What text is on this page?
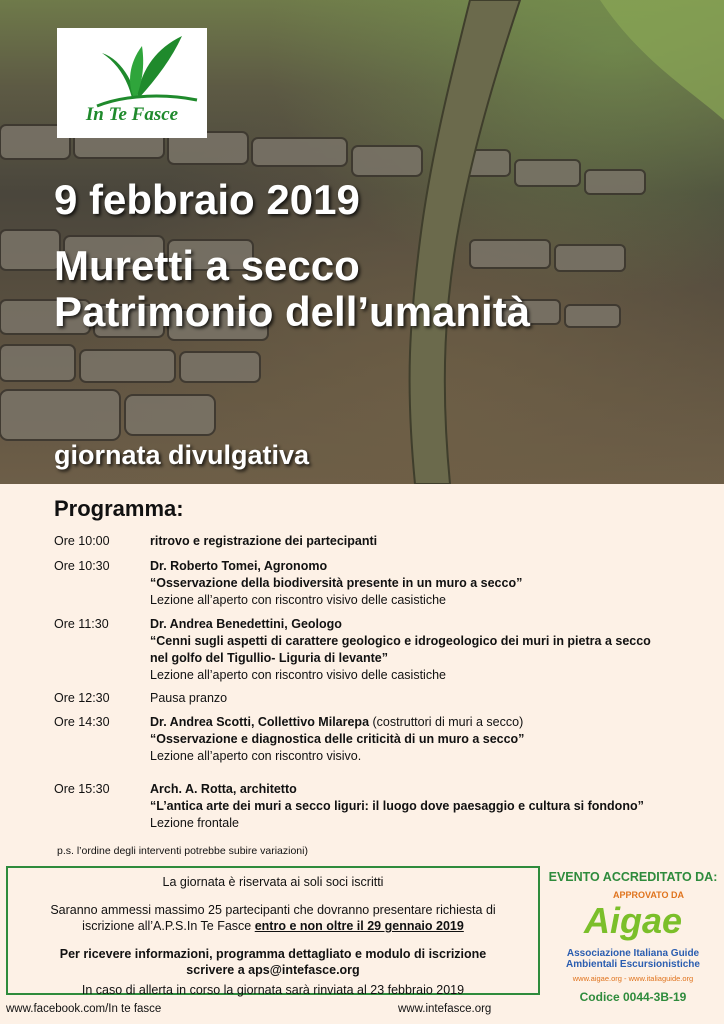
In Te Fasce
9 febbraio 2019
Muretti a secco
Patrimonio dell’umanità
giornata divulgativa
Programma:
Ore 10:00	ritrovo e registrazione dei partecipanti
Ore 10:30	Dr. Roberto Tomei, Agronomo
“Osservazione della biodiversità presente in un muro a secco”
Lezione all’aperto con riscontro visivo delle casistiche
Ore 11:30	Dr. Andrea Benedettini, Geologo
“Cenni sugli aspetti di carattere geologico e idrogeologico dei muri in pietra a secco
nel golfo del Tigullio- Liguria di levante”
Lezione all’aperto con riscontro visivo delle casistiche
Ore 12:30	Pausa pranzo
Ore 14:30	Dr. Andrea Scotti, Collettivo Milarepa (costruttori di muri a secco)
“Osservazione e diagnostica delle criticità di un muro a secco”
Lezione all’aperto con riscontro visivo.
Ore 15:30	Arch. A. Rotta, architetto
“L’antica arte dei muri a secco liguri: il luogo dove paesaggio e cultura si fondono”
Lezione frontale
p.s. l’ordine degli interventi potrebbe subire variazioni)

La giornata è riservata ai soli soci iscritti

Saranno ammessi massimo 25 partecipanti che dovranno presentare richiesta di

iscrizione all’A.P.S.In Te Fasce entro e non oltre il 29 gennaio 2019

Per ricevere informazioni, programma dettagliato e modulo di iscrizione

scrivere a aps@intefasce.org

In caso di allerta in corso la giornata sarà rinviata al 23 febbraio 2019

EVENTO ACCREDITATO DA:
APPROVATO DA
Aigae
Associazione Italiana Guide
Ambientali Escursionistiche
www.aigae.org - www.italiaguide.org
Codice 0044-3B-19
www.facebook.com/In te fasce	www.intefasce.org
